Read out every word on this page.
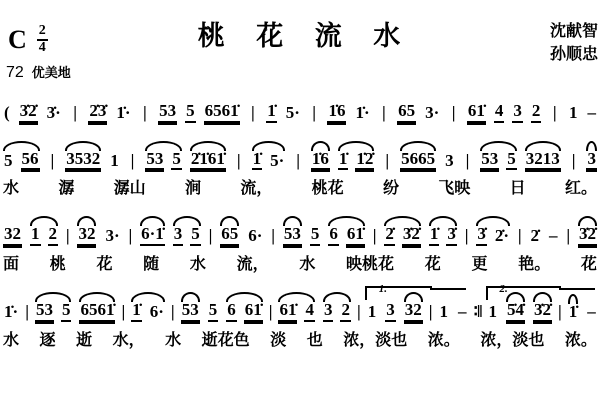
C $\frac{2}{4}$	桃 花 流 水	沈献智
孙顺忠
72 优美地
( 3̇2̇ 3̇· | 2̇3̇ 1̇· | 53 5 6561̇ | 1̇ 5· | 1̇6 1̇· | 65 3· | 61̇ 4 3 2 | 1 –
5 56 | 3532 1 | 53 5 2̇1̇61̇ | 1̇ 5· | 1̇6 1̇ 1̇2̇ | 5665 3 | 53 5 3213 | 3
水 潺 潺山 涧 流， 桃花 纷 飞映 日 红。
32 1 2 | 32 3· | 6·1̇ 3 5 | 65 6· | 53 5 6 61̇ | 2̇ 3̇2̇ 1̇ 3̇ | 3̇ 2̇· | 2̇ – | 3̇2̇
面 桃 花 随 水 流， 水 映桃花 花 更 艳。 花
1̇· | 53 5 6561̇ | 1̇ 6· | 53 5 6 61̇ | 61̇ 4 3 2 |
1.
1 3 32 | 1 – ∶‖
2.
1 5̇4̇ 3̇2̇ | 1̇ –
水 逐 逝 水， 水 逝花色 淡 也 浓，淡也 浓。 浓，淡也 浓。
